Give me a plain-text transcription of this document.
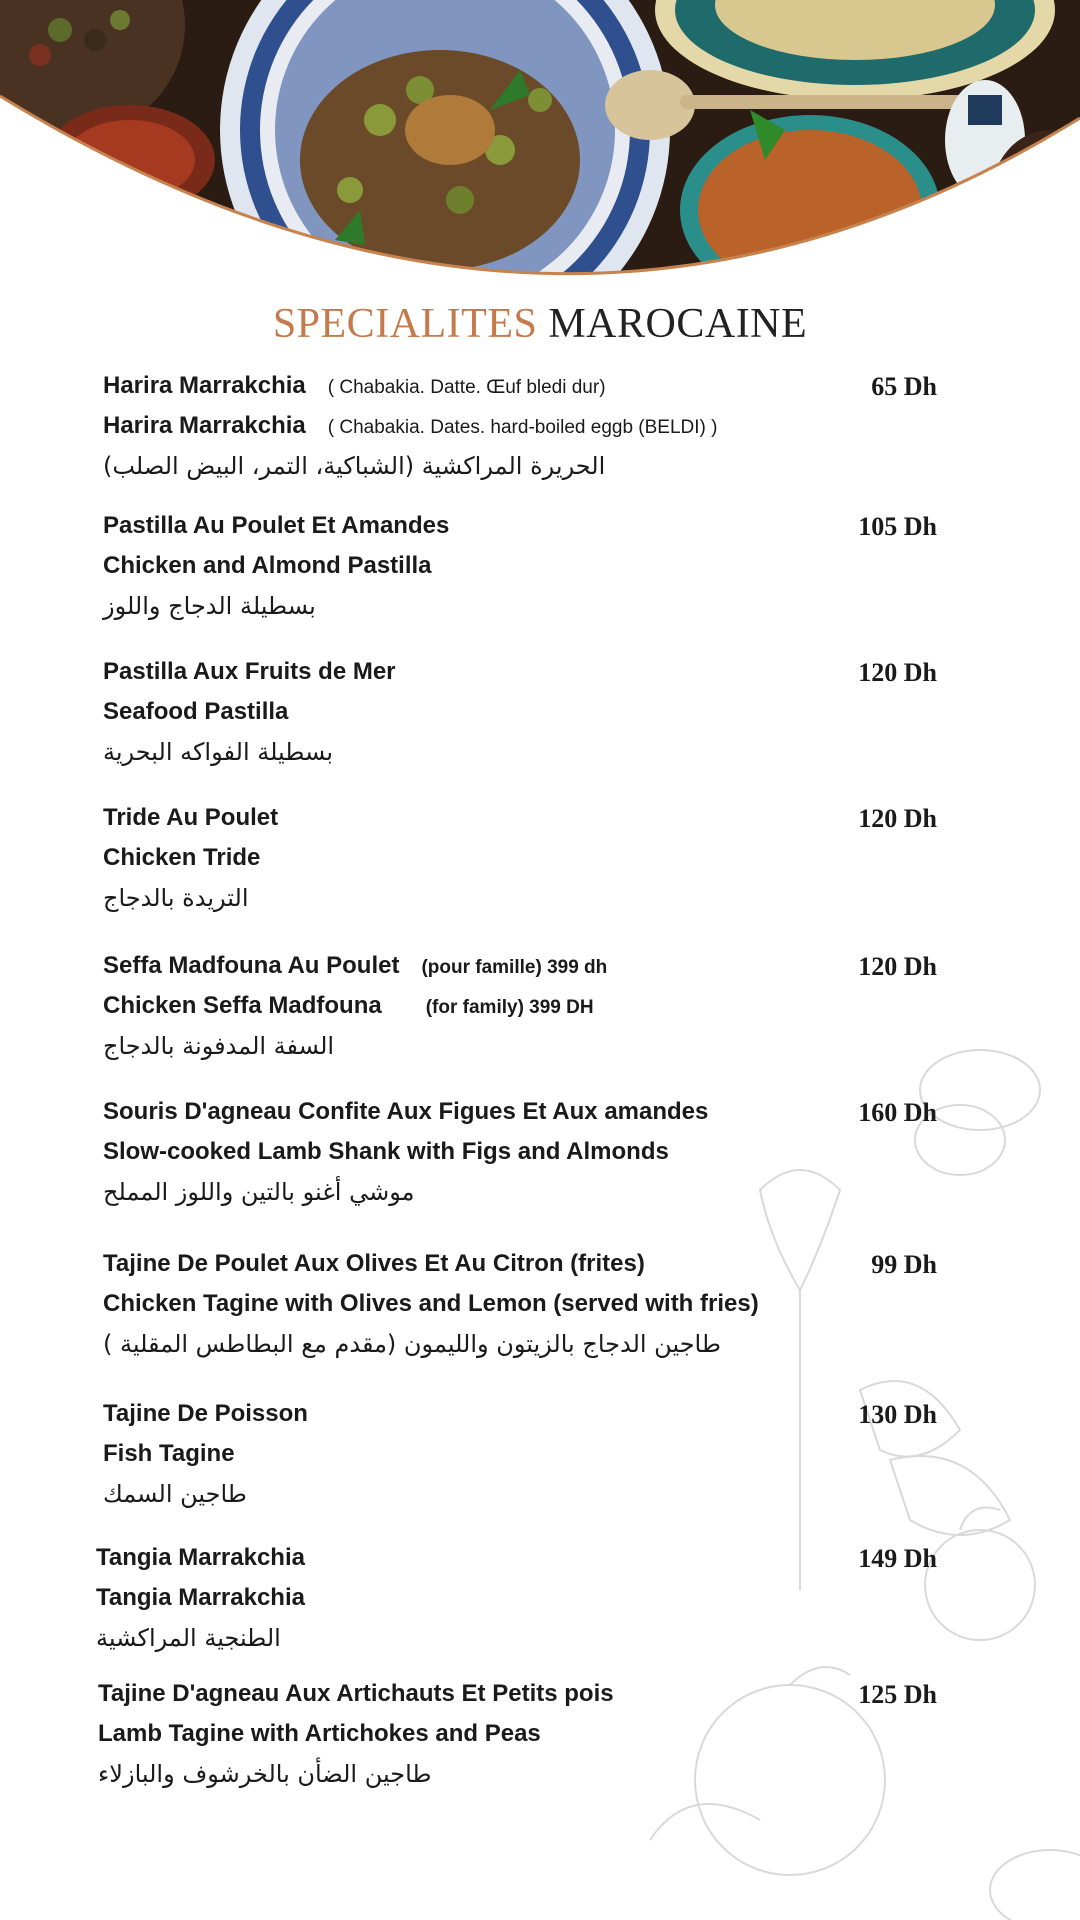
SPECIALITES MAROCAINE
Harira Marrakchia ( Chabakia. Datte. Œuf bledi dur)
Harira Marrakchia ( Chabakia. Dates. hard-boiled eggb (BELDI) )
الحريرة المراكشية (الشباكية، التمر، البيض الصلب)
65 Dh
Pastilla Au Poulet Et Amandes
Chicken and Almond Pastilla
بسطيلة الدجاج واللوز
105 Dh
Pastilla Aux Fruits de Mer
Seafood Pastilla
بسطيلة الفواكه البحرية
120 Dh
Tride Au Poulet
Chicken Tride
التريدة بالدجاج
120 Dh
Seffa Madfouna Au Poulet (pour famille) 399 dh
Chicken Seffa Madfouna (for family) 399 DH
السفة المدفونة بالدجاج
120 Dh
Souris D'agneau Confite Aux Figues Et Aux amandes
Slow-cooked Lamb Shank with Figs and Almonds
موشي أغنو بالتين واللوز المملح
160 Dh
Tajine De Poulet Aux Olives Et Au Citron (frites)
Chicken Tagine with Olives and Lemon (served with fries)
طاجين الدجاج بالزيتون والليمون (مقدم مع البطاطس المقلية )
99 Dh
Tajine De Poisson
Fish Tagine
طاجين السمك
130 Dh
Tangia Marrakchia
Tangia Marrakchia
الطنجية المراكشية
149 Dh
Tajine D'agneau Aux Artichauts Et Petits pois
Lamb Tagine with Artichokes and Peas
طاجين الضأن بالخرشوف والبازلاء
125 Dh
